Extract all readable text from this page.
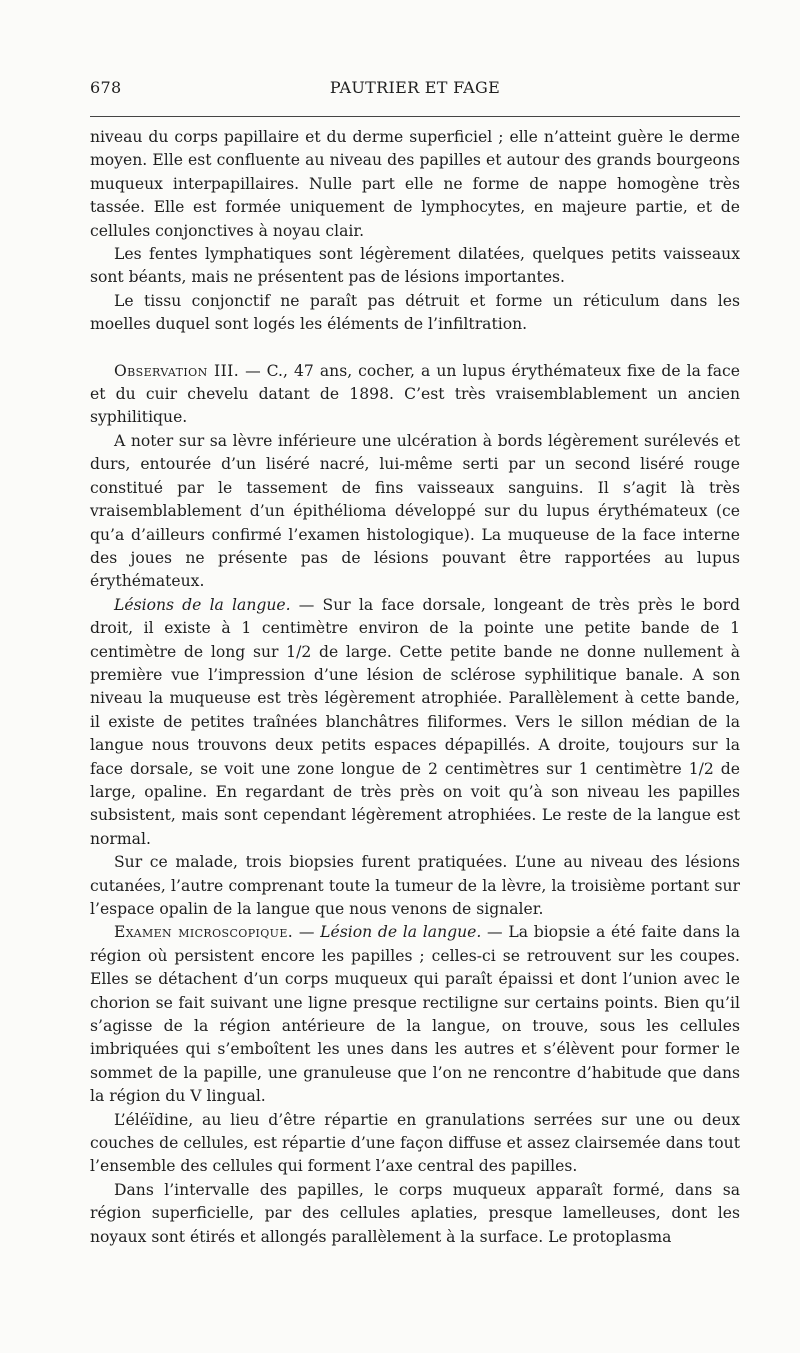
678	PAUTRIER ET FAGE

niveau du corps papillaire et du derme superficiel ; elle n’atteint guère le derme moyen. Elle est confluente au niveau des papilles et autour des grands bourgeons muqueux interpapillaires. Nulle part elle ne forme de nappe homogène très tassée. Elle est formée uniquement de lymphocytes, en majeure partie, et de cellules conjonctives à noyau clair.

Les fentes lymphatiques sont légèrement dilatées, quelques petits vaisseaux sont béants, mais ne présentent pas de lésions importantes.

Le tissu conjonctif ne paraît pas détruit et forme un réticulum dans les moelles duquel sont logés les éléments de l’infiltration.

Observation III. — C., 47 ans, cocher, a un lupus érythémateux fixe de la face et du cuir chevelu datant de 1898. C’est très vraisemblablement un ancien syphilitique.

A noter sur sa lèvre inférieure une ulcération à bords légèrement surélevés et durs, entourée d’un liséré nacré, lui-même serti par un second liséré rouge constitué par le tassement de fins vaisseaux sanguins. Il s’agit là très vraisemblablement d’un épithélioma développé sur du lupus érythémateux (ce qu’a d’ailleurs confirmé l’examen histologique). La muqueuse de la face interne des joues ne présente pas de lésions pouvant être rapportées au lupus érythémateux.

Lésions de la langue. — Sur la face dorsale, longeant de très près le bord droit, il existe à 1 centimètre environ de la pointe une petite bande de 1 centimètre de long sur 1/2 de large. Cette petite bande ne donne nullement à première vue l’impression d’une lésion de sclérose syphilitique banale. A son niveau la muqueuse est très légèrement atrophiée. Parallèlement à cette bande, il existe de petites traînées blanchâtres filiformes. Vers le sillon médian de la langue nous trouvons deux petits espaces dépapillés. A droite, toujours sur la face dorsale, se voit une zone longue de 2 centimètres sur 1 centimètre 1/2 de large, opaline. En regardant de très près on voit qu’à son niveau les papilles subsistent, mais sont cependant légèrement atrophiées. Le reste de la langue est normal.

Sur ce malade, trois biopsies furent pratiquées. L’une au niveau des lésions cutanées, l’autre comprenant toute la tumeur de la lèvre, la troisième portant sur l’espace opalin de la langue que nous venons de signaler.

Examen microscopique. — Lésion de la langue. — La biopsie a été faite dans la région où persistent encore les papilles ; celles-ci se retrouvent sur les coupes. Elles se détachent d’un corps muqueux qui paraît épaissi et dont l’union avec le chorion se fait suivant une ligne presque rectiligne sur certains points. Bien qu’il s’agisse de la région antérieure de la langue, on trouve, sous les cellules imbriquées qui s’emboîtent les unes dans les autres et s’élèvent pour former le sommet de la papille, une granuleuse que l’on ne rencontre d’habitude que dans la région du V lingual.

L’éléïdine, au lieu d’être répartie en granulations serrées sur une ou deux couches de cellules, est répartie d’une façon diffuse et assez clairsemée dans tout l’ensemble des cellules qui forment l’axe central des papilles.

Dans l’intervalle des papilles, le corps muqueux apparaît formé, dans sa région superficielle, par des cellules aplaties, presque lamelleuses, dont les noyaux sont étirés et allongés parallèlement à la surface. Le protoplasma
